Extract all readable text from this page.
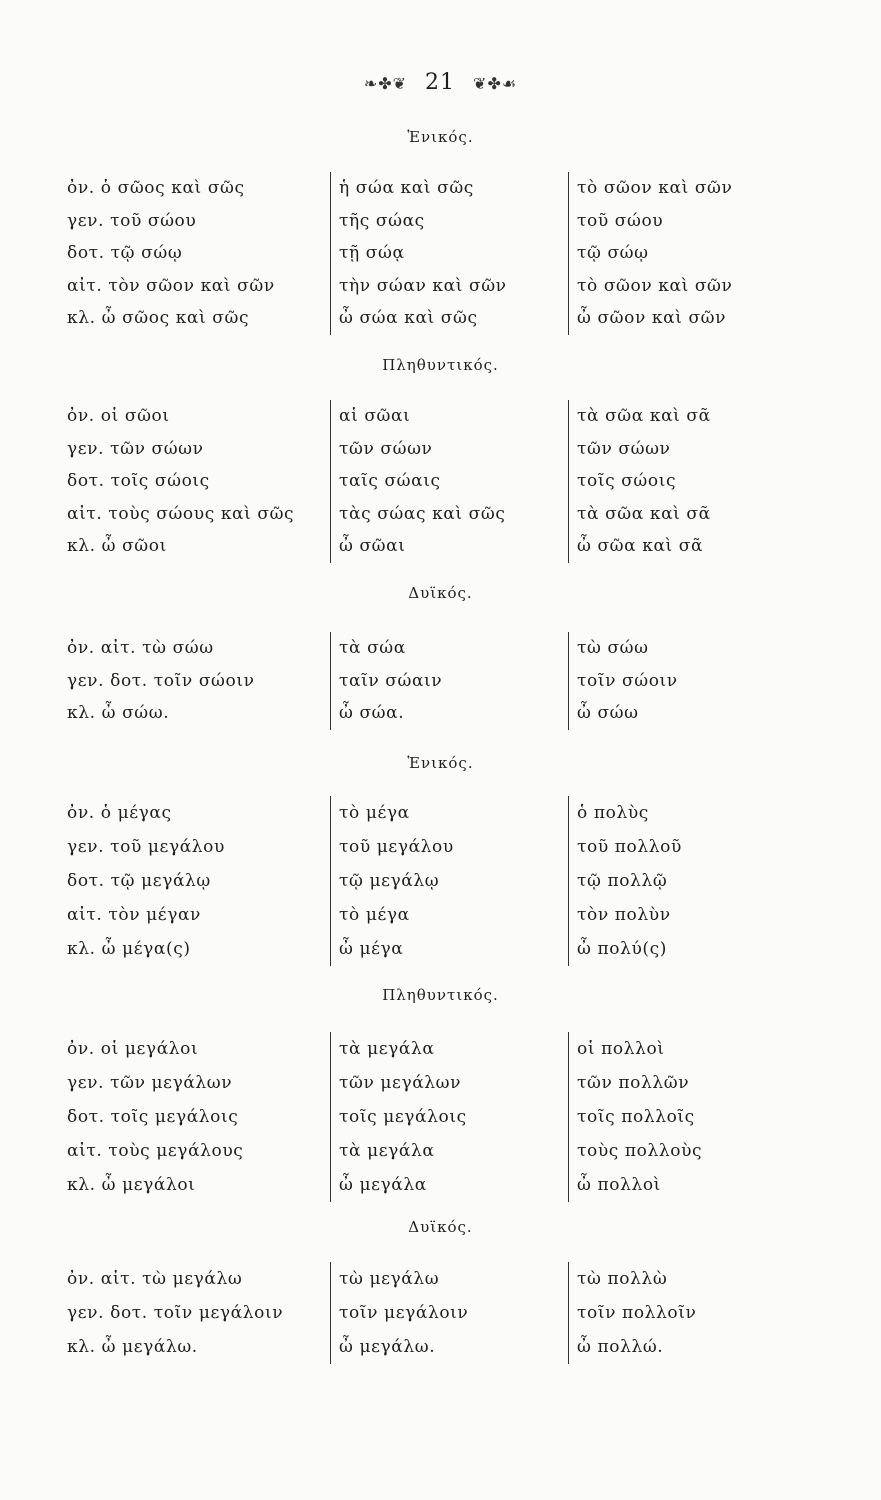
❧✤❦ 21 ❦✤☙
Ἑνικός.
ὀν. ὁ σῶος καὶ σῶς
γεν. τοῦ σώου
δοτ. τῷ σώῳ
αἰτ. τὸν σῶον καὶ σῶν
κλ. ὦ σῶος καὶ σῶς
ἡ σώα καὶ σῶς
τῆς σώας
τῇ σώᾳ
τὴν σώαν καὶ σῶν
ὦ σώα καὶ σῶς
τὸ σῶον καὶ σῶν
τοῦ σώου
τῷ σώῳ
τὸ σῶον καὶ σῶν
ὦ σῶον καὶ σῶν
Πληθυντικός.
ὀν. οἱ σῶοι
γεν. τῶν σώων
δοτ. τοῖς σώοις
αἰτ. τοὺς σώους καὶ σῶς
κλ. ὦ σῶοι
αἱ σῶαι
τῶν σώων
ταῖς σώαις
τὰς σώας καὶ σῶς
ὦ σῶαι
τὰ σῶα καὶ σᾶ
τῶν σώων
τοῖς σώοις
τὰ σῶα καὶ σᾶ
ὦ σῶα καὶ σᾶ
Δυϊκός.
ὀν. αἰτ. τὼ σώω
γεν. δοτ. τοῖν σώοιν
κλ. ὦ σώω.
τὰ σώα
ταῖν σώαιν
ὦ σώα.
τὼ σώω
τοῖν σώοιν
ὦ σώω
Ἑνικός.
ὀν. ὁ μέγας
γεν. τοῦ μεγάλου
δοτ. τῷ μεγάλῳ
αἰτ. τὸν μέγαν
κλ. ὦ μέγα(ς)
τὸ μέγα
τοῦ μεγάλου
τῷ μεγάλῳ
τὸ μέγα
ὦ μέγα
ὁ πολὺς
τοῦ πολλοῦ
τῷ πολλῷ
τὸν πολὺν
ὦ πολύ(ς)
Πληθυντικός.
ὀν. οἱ μεγάλοι
γεν. τῶν μεγάλων
δοτ. τοῖς μεγάλοις
αἰτ. τοὺς μεγάλους
κλ. ὦ μεγάλοι
τὰ μεγάλα
τῶν μεγάλων
τοῖς μεγάλοις
τὰ μεγάλα
ὦ μεγάλα
οἱ πολλοὶ
τῶν πολλῶν
τοῖς πολλοῖς
τοὺς πολλοὺς
ὦ πολλοὶ
Δυϊκός.
ὀν. αἰτ. τὼ μεγάλω
γεν. δοτ. τοῖν μεγάλοιν
κλ. ὦ μεγάλω.
τὼ μεγάλω
τοῖν μεγάλοιν
ὦ μεγάλω.
τὼ πολλὼ
τοῖν πολλοῖν
ὦ πολλώ.
